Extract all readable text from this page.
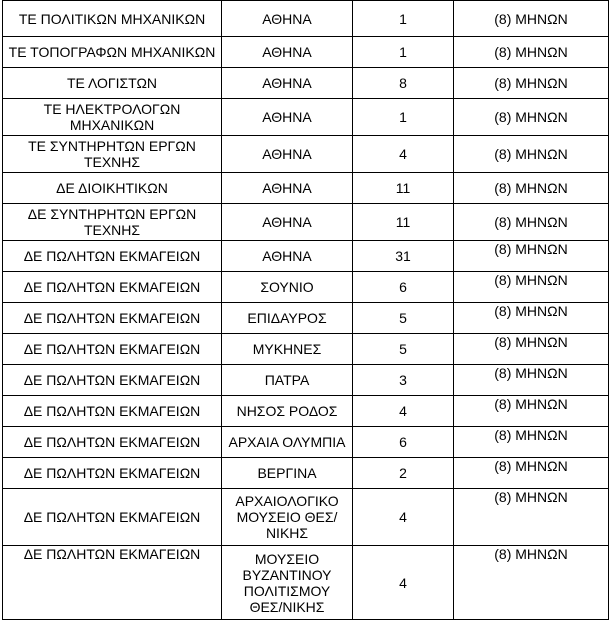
ΤΕ ΠΟΛΙΤΙΚΩΝ ΜΗΧΑΝΙΚΩΝ	ΑΘΗΝΑ	1	(8) ΜΗΝΩΝ
ΤΕ ΤΟΠΟΓΡΑΦΩΝ ΜΗΧΑΝΙΚΩΝ	ΑΘΗΝΑ	1	(8) ΜΗΝΩΝ
ΤΕ ΛΟΓΙΣΤΩΝ	ΑΘΗΝΑ	8	(8) ΜΗΝΩΝ
ΤΕ ΗΛΕΚΤΡΟΛΟΓΩΝ ΜΗΧΑΝΙΚΩΝ	ΑΘΗΝΑ	1	(8) ΜΗΝΩΝ
ΤΕ ΣΥΝΤΗΡΗΤΩΝ ΕΡΓΩΝ ΤΕΧΝΗΣ	ΑΘΗΝΑ	4	(8) ΜΗΝΩΝ
ΔΕ ΔΙΟΙΚΗΤΙΚΩΝ	ΑΘΗΝΑ	11	(8) ΜΗΝΩΝ
ΔΕ ΣΥΝΤΗΡΗΤΩΝ ΕΡΓΩΝ ΤΕΧΝΗΣ	ΑΘΗΝΑ	11	(8) ΜΗΝΩΝ
ΔΕ ΠΩΛΗΤΩΝ ΕΚΜΑΓΕΙΩΝ	ΑΘΗΝΑ	31	(8) ΜΗΝΩΝ
ΔΕ ΠΩΛΗΤΩΝ ΕΚΜΑΓΕΙΩΝ	ΣΟΥΝΙΟ	6	(8) ΜΗΝΩΝ
ΔΕ ΠΩΛΗΤΩΝ ΕΚΜΑΓΕΙΩΝ	ΕΠΙΔΑΥΡΟΣ	5	(8) ΜΗΝΩΝ
ΔΕ ΠΩΛΗΤΩΝ ΕΚΜΑΓΕΙΩΝ	ΜΥΚΗΝΕΣ	5	(8) ΜΗΝΩΝ
ΔΕ ΠΩΛΗΤΩΝ ΕΚΜΑΓΕΙΩΝ	ΠΑΤΡΑ	3	(8) ΜΗΝΩΝ
ΔΕ ΠΩΛΗΤΩΝ ΕΚΜΑΓΕΙΩΝ	ΝΗΣΟΣ ΡΟΔΟΣ	4	(8) ΜΗΝΩΝ
ΔΕ ΠΩΛΗΤΩΝ ΕΚΜΑΓΕΙΩΝ	ΑΡΧΑΙΑ ΟΛΥΜΠΙΑ	6	(8) ΜΗΝΩΝ
ΔΕ ΠΩΛΗΤΩΝ ΕΚΜΑΓΕΙΩΝ	ΒΕΡΓΙΝΑ	2	(8) ΜΗΝΩΝ
ΔΕ ΠΩΛΗΤΩΝ ΕΚΜΑΓΕΙΩΝ	ΑΡΧΑΙΟΛΟΓΙΚΟ ΜΟΥΣΕΙΟ ΘΕΣ/ΝΙΚΗΣ	4	(8) ΜΗΝΩΝ
ΔΕ ΠΩΛΗΤΩΝ ΕΚΜΑΓΕΙΩΝ	ΜΟΥΣΕΙΟ ΒΥΖΑΝΤΙΝΟΥ ΠΟΛΙΤΙΣΜΟΥ ΘΕΣ/ΝΙΚΗΣ	4	(8) ΜΗΝΩΝ
